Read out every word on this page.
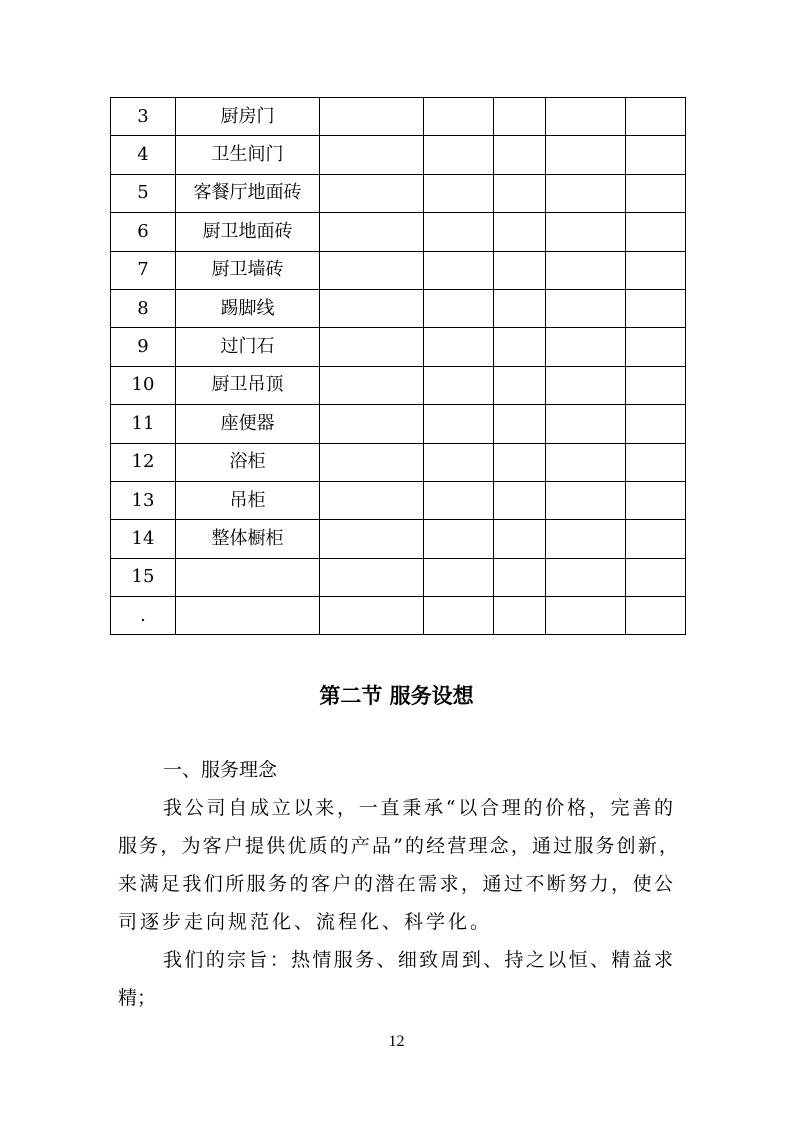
3	厨房门					
4	卫生间门					
5	客餐厅地面砖					
6	厨卫地面砖					
7	厨卫墙砖					
8	踢脚线					
9	过门石					
10	厨卫吊顶					
11	座便器					
12	浴柜					
13	吊柜					
14	整体橱柜					
15						
.						
第二节 服务设想
一、服务理念
我公司自成立以来，一直秉承“以合理的价格，完善的
服务，为客户提供优质的产品”的经营理念，通过服务创新，
来满足我们所服务的客户的潜在需求，通过不断努力，使公
司逐步走向规范化、流程化、科学化。
我们的宗旨：热情服务、细致周到、持之以恒、精益求
精；
12
